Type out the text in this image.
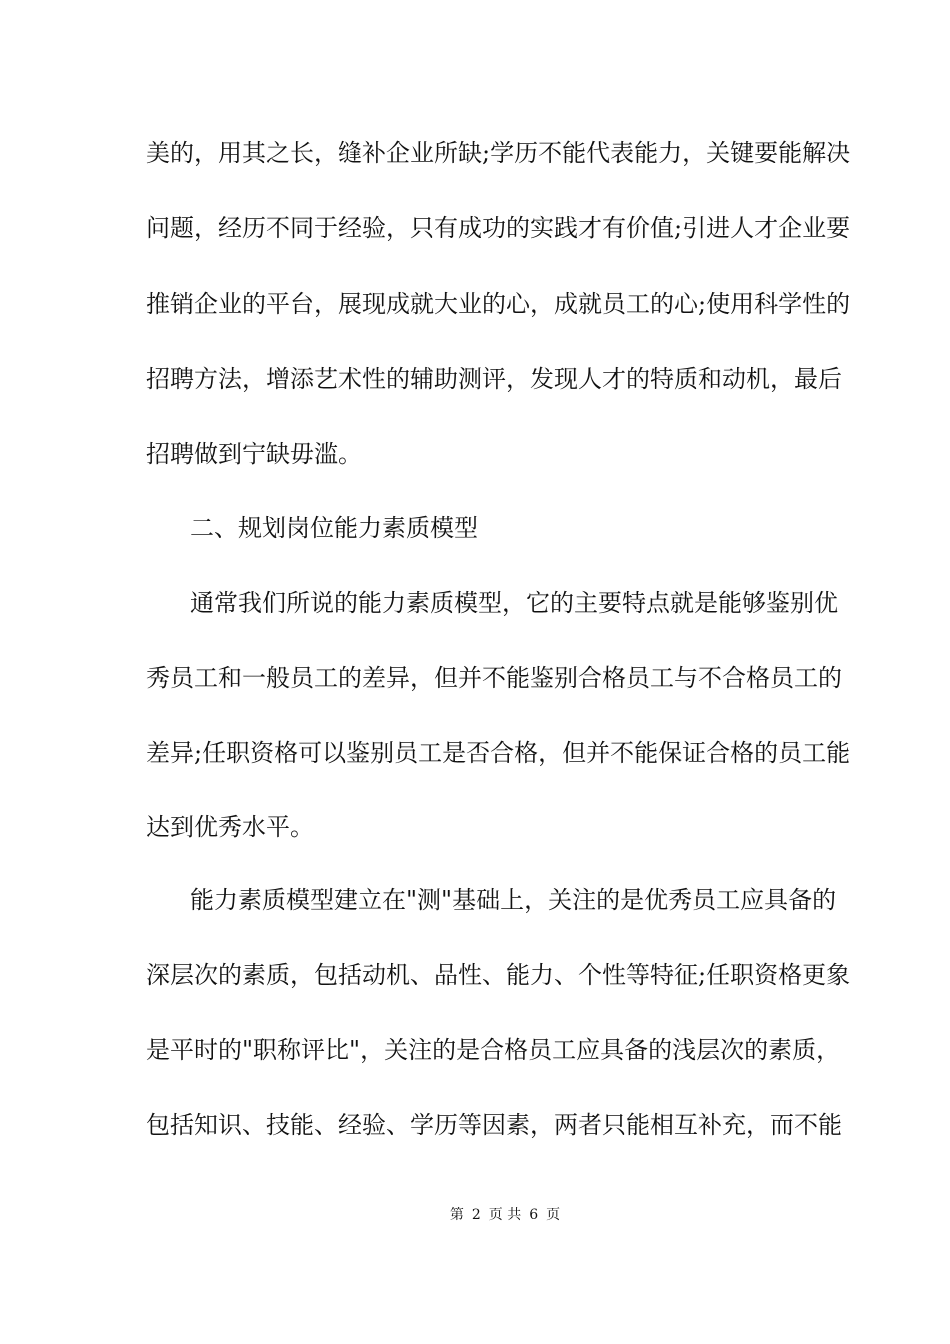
美的，用其之长，缝补企业所缺;学历不能代表能力，关键要能解决
问题，经历不同于经验，只有成功的实践才有价值;引进人才企业要
推销企业的平台，展现成就大业的心，成就员工的心;使用科学性的
招聘方法，增添艺术性的辅助测评，发现人才的特质和动机，最后
招聘做到宁缺毋滥。
二、规划岗位能力素质模型
通常我们所说的能力素质模型，它的主要特点就是能够鉴别优
秀员工和一般员工的差异，但并不能鉴别合格员工与不合格员工的
差异;任职资格可以鉴别员工是否合格，但并不能保证合格的员工能
达到优秀水平。
能力素质模型建立在"测"基础上，关注的是优秀员工应具备的
深层次的素质，包括动机、品性、能力、个性等特征;任职资格更象
是平时的"职称评比"，关注的是合格员工应具备的浅层次的素质，
包括知识、技能、经验、学历等因素，两者只能相互补充，而不能
第 2 页 共 6 页
